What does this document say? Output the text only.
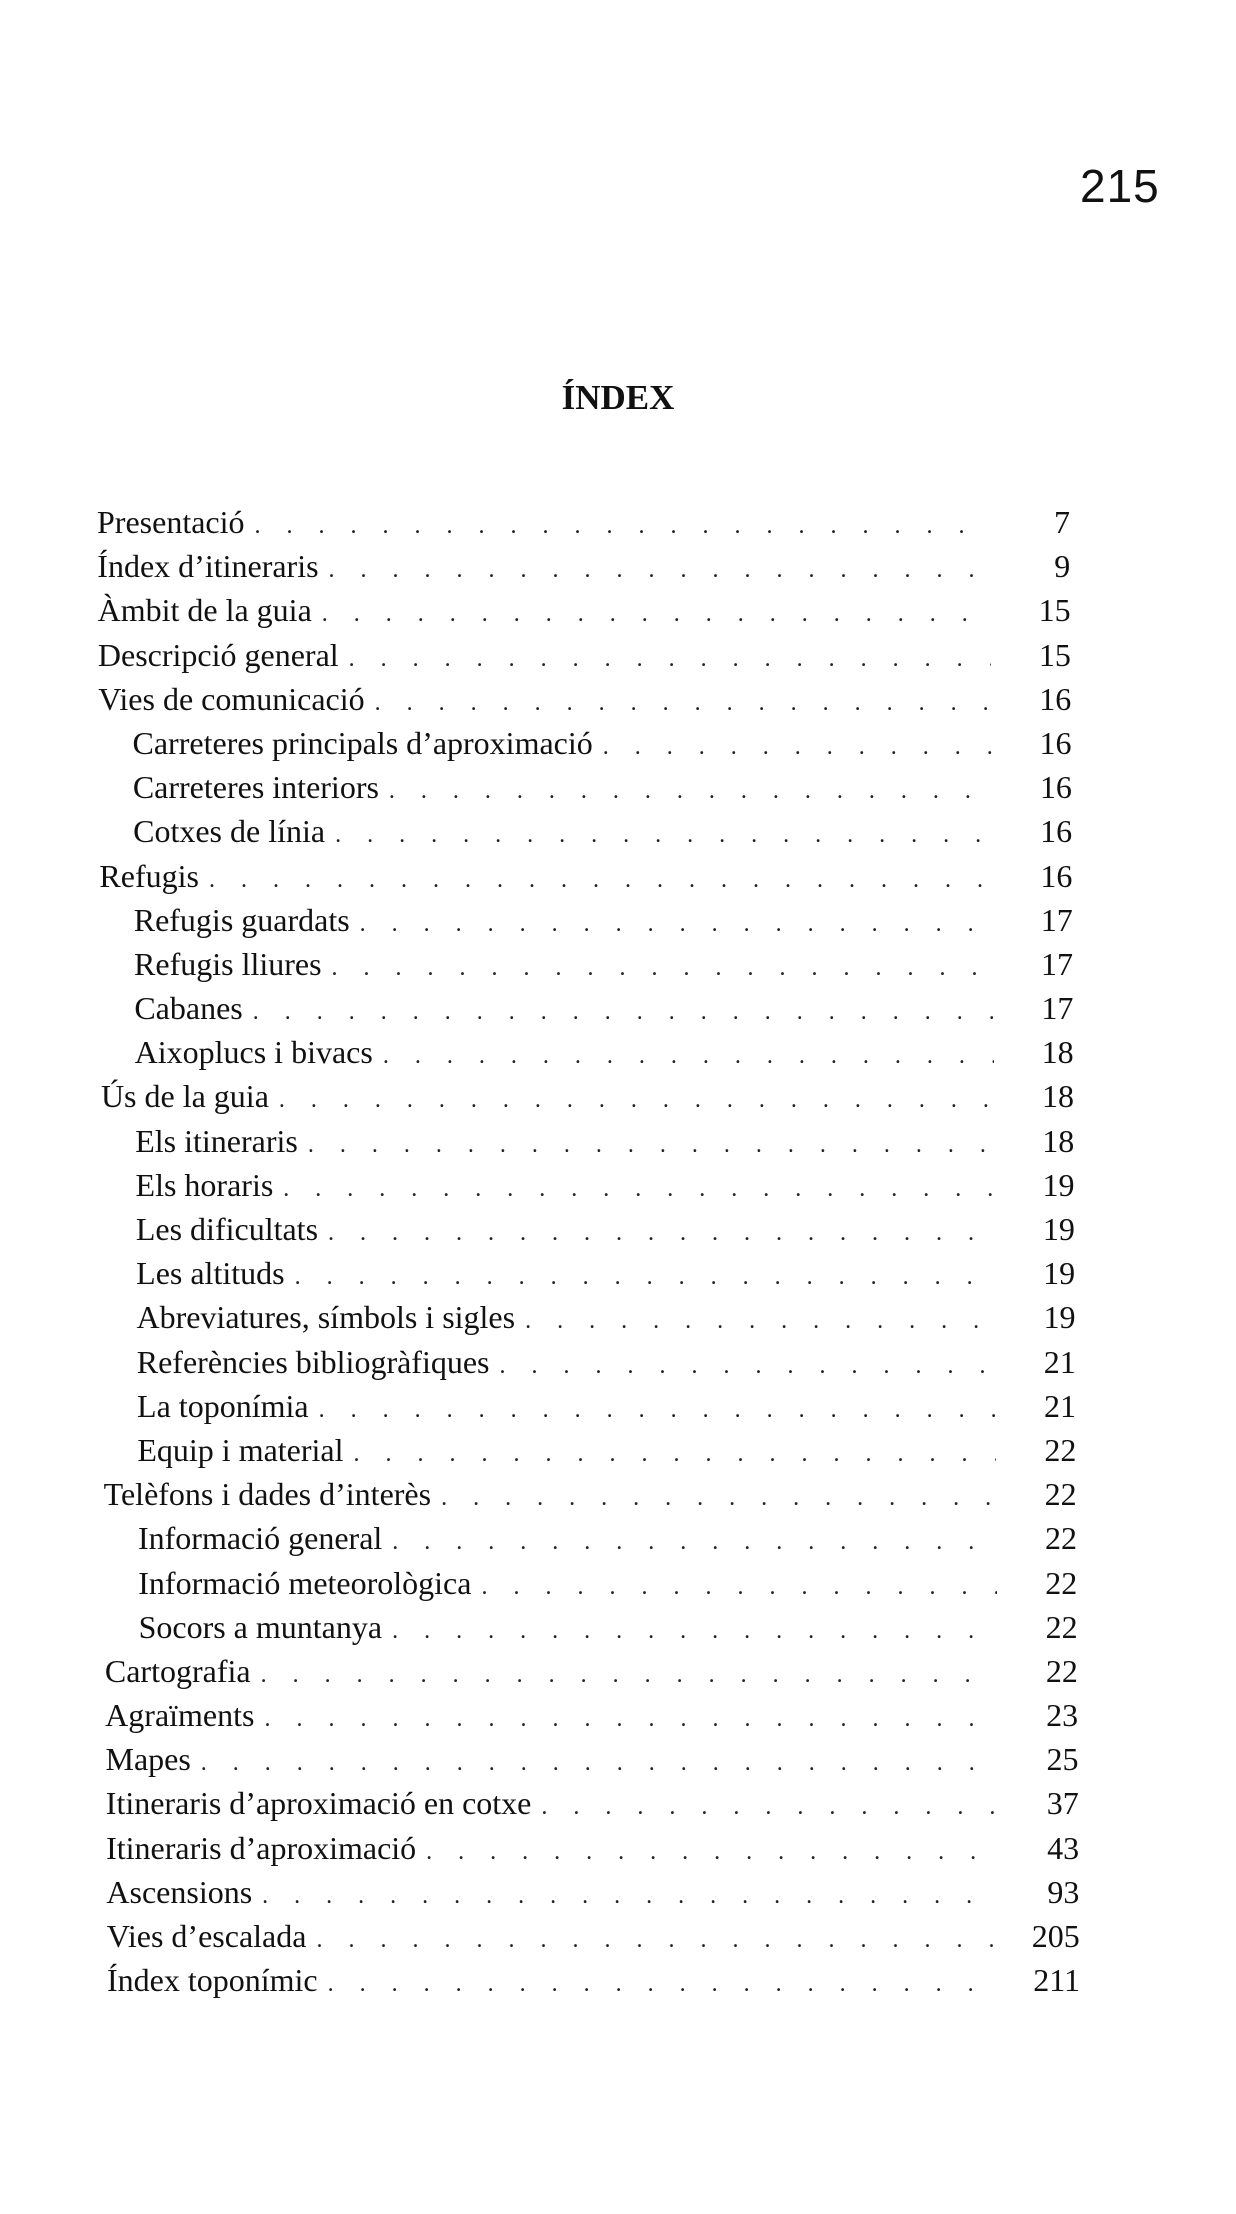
215
ÍNDEX
Presentació . . .	7
Índex d’itineraris . . .	9
Àmbit de la guia . . .	15
Descripció general . . .	15
Vies de comunicació . . .	16
Carreteres principals d’aproximació . . .	16
Carreteres interiors . . .	16
Cotxes de línia . . .	16
Refugis . . .	16
Refugis guardats . . .	17
Refugis lliures . . .	17
Cabanes . . .	17
Aixoplucs i bivacs . . .	18
Ús de la guia . . .	18
Els itineraris . . .	18
Els horaris . . .	19
Les dificultats . . .	19
Les altituds . . .	19
Abreviatures, símbols i sigles . . .	19
Referències bibliogràfiques . . .	21
La toponímia . . .	21
Equip i material . . .	22
Telèfons i dades d’interès . . .	22
Informació general . . .	22
Informació meteorològica . . .	22
Socors a muntanya . . .	22
Cartografia . . .	22
Agraïments . . .	23
Mapes . . .	25
Itineraris d’aproximació en cotxe . . .	37
Itineraris d’aproximació . . .	43
Ascensions . . .	93
Vies d’escalada . . .	205
Índex toponímic . . .	211
